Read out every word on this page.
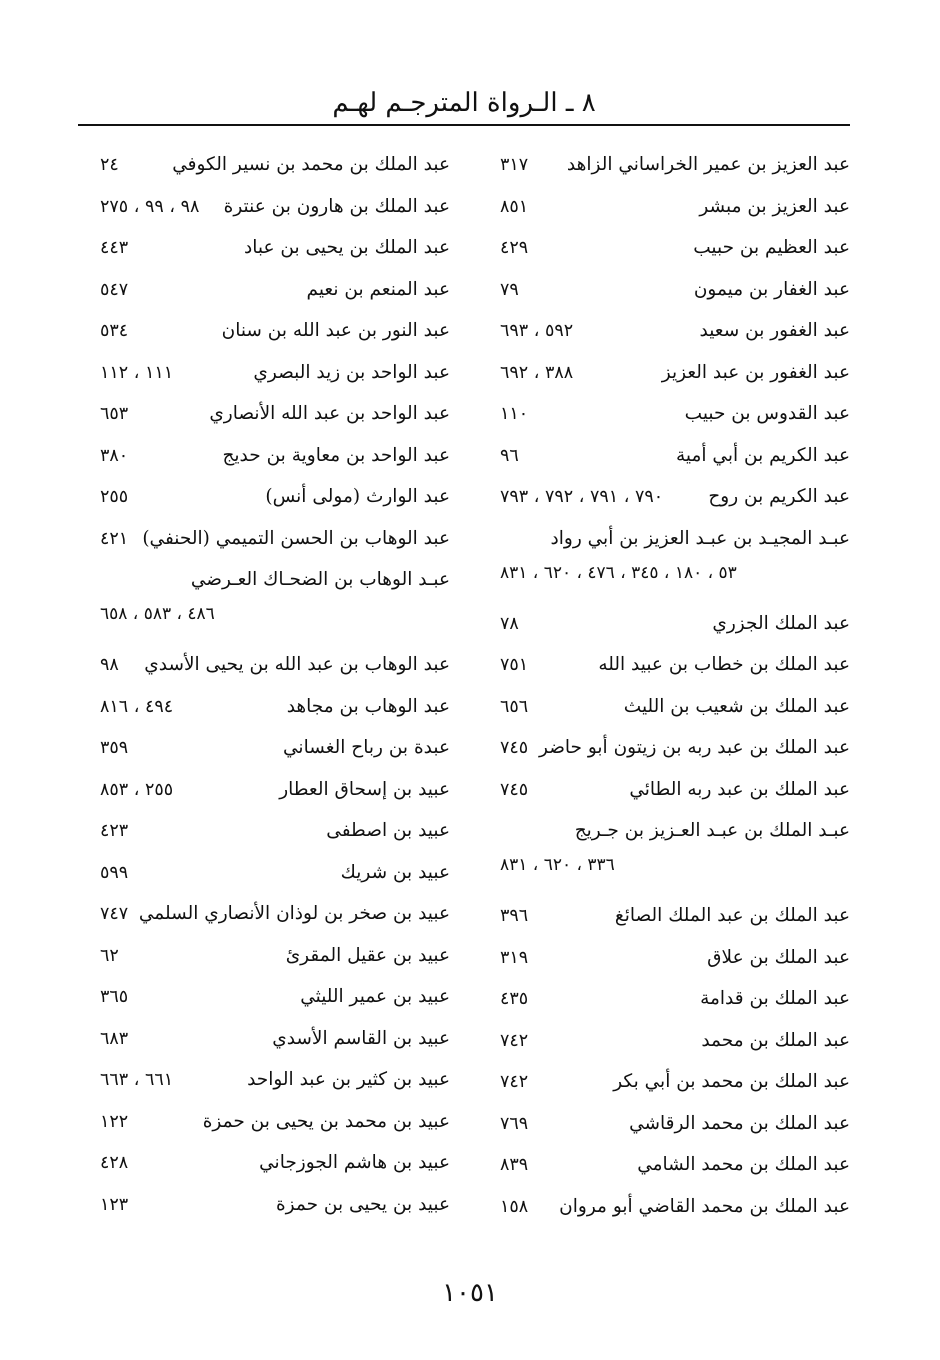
٨ ـ الـرواة المترجـم لهـم
عبد العزيز بن عمير الخراساني الزاهد
٣١٧
عبد العزيز بن مبشر
٨٥١
عبد العظيم بن حبيب
٤٢٩
عبد الغفار بن ميمون
٧٩
عبد الغفور بن سعيد
٥٩٢ ، ٦٩٣
عبد الغفور بن عبد العزيز
٣٨٨ ، ٦٩٢
عبد القدوس بن حبيب
١١٠
عبد الكريم بن أبي أمية
٩٦
عبد الكريم بن روح
٧٩٠ ، ٧٩١ ، ٧٩٢ ، ٧٩٣
عبـد المجيـد بن عبـد العزيز بن أبي رواد
٥٣ ، ١٨٠ ، ٣٤٥ ، ٤٧٦ ، ٦٢٠ ، ٨٣١
عبد الملك الجزري
٧٨
عبد الملك بن خطاب بن عبيد الله
٧٥١
عبد الملك بن شعيب بن الليث
٦٥٦
عبد الملك بن عبد ربه بن زيتون أبو حاضر
٧٤٥
عبد الملك بن عبد ربه الطائي
٧٤٥
عبـد الملك بن عبـد العـزيز بن جـريج
٣٣٦ ، ٦٢٠ ، ٨٣١
عبد الملك بن عبد الملك الصائغ
٣٩٦
عبد الملك بن علاق
٣١٩
عبد الملك بن قدامة
٤٣٥
عبد الملك بن محمد
٧٤٢
عبد الملك بن محمد بن أبي بكر
٧٤٢
عبد الملك بن محمد الرقاشي
٧٦٩
عبد الملك بن محمد الشامي
٨٣٩
عبد الملك بن محمد القاضي أبو مروان
١٥٨
عبد الملك بن محمد بن نسير الكوفي
٢٤
عبد الملك بن هارون بن عنترة
٩٨ ، ٩٩ ، ٢٧٥
عبد الملك بن يحيى بن عباد
٤٤٣
عبد المنعم بن نعيم
٥٤٧
عبد النور بن عبد الله بن سنان
٥٣٤
عبد الواحد بن زيد البصري
١١١ ، ١١٢
عبد الواحد بن عبد الله الأنصاري
٦٥٣
عبد الواحد بن معاوية بن حديج
٣٨٠
عبد الوارث (مولى أنس)
٢٥٥
عبد الوهاب بن الحسن التميمي (الحنفي)
٤٢١
عبـد الوهاب بن الضحـاك العـرضي
٤٨٦ ، ٥٨٣ ، ٦٥٨
عبد الوهاب بن عبد الله بن يحيى الأسدي
٩٨
عبد الوهاب بن مجاهد
٤٩٤ ، ٨١٦
عبدة بن رباح الغساني
٣٥٩
عبيد بن إسحاق العطار
٢٥٥ ، ٨٥٣
عبيد بن اصطفى
٤٢٣
عبيد بن شريك
٥٩٩
عبيد بن صخر بن لوذان الأنصاري السلمي
٧٤٧
عبيد بن عقيل المقرئ
٦٢
عبيد بن عمير الليثي
٣٦٥
عبيد بن القاسم الأسدي
٦٨٣
عبيد بن كثير بن عبد الواحد
٦٦١ ، ٦٦٣
عبيد بن محمد بن يحيى بن حمزة
١٢٢
عبيد بن هاشم الجوزجاني
٤٢٨
عبيد بن يحيى بن حمزة
١٢٣
١٠٥١
